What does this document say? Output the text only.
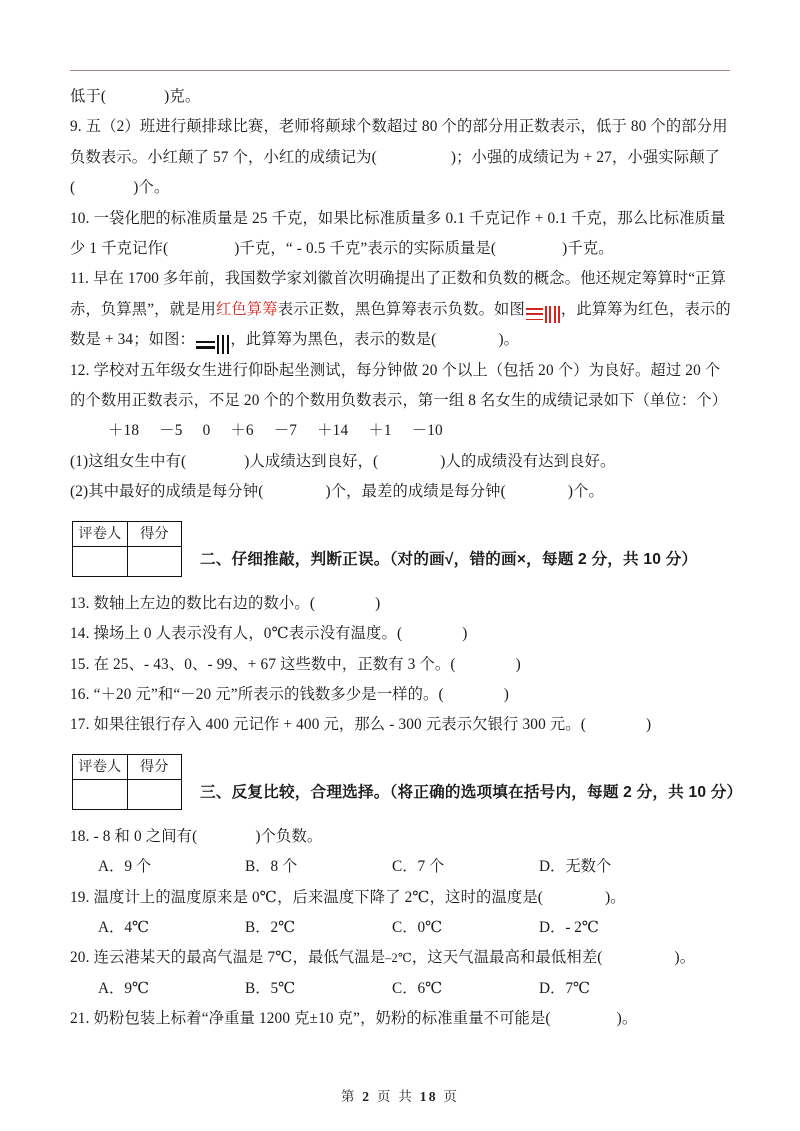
低于(	)克。
9. 五（2）班进行颠排球比赛，老师将颠球个数超过 80 个的部分用正数表示，低于 80 个的部分用
负数表示。小红颠了 57 个，小红的成绩记为(	)；小强的成绩记为 + 27，小强实际颠了
(	)个。
10. 一袋化肥的标准质量是 25 千克，如果比标准质量多 0.1 千克记作 + 0.1 千克，那么比标准质量
少 1 千克记作(	)千克，“ - 0.5 千克”表示的实际质量是(	)千克。
11. 早在 1700 多年前，我国数学家刘徽首次明确提出了正数和负数的概念。他还规定筹算时“正算
赤，负算黑”，就是用红色算筹表示正数，黑色算筹表示负数。如图 ，此算筹为红色，表示的
数是 + 34；如图： ，此算筹为黑色，表示的数是(	)。
12. 学校对五年级女生进行仰卧起坐测试，每分钟做 20 个以上（包括 20 个）为良好。超过 20 个
的个数用正数表示，不足 20 个的个数用负数表示，第一组 8 名女生的成绩记录如下（单位：个）
＋18 －5 0 ＋6 －7 ＋14 ＋1 －10
(1)这组女生中有(	)人成绩达到良好，(	)人的成绩没有达到良好。
(2)其中最好的成绩是每分钟(	)个，最差的成绩是每分钟(	)个。
评卷人	得分

二、仔细推敲，判断正误。（对的画√，错的画×，每题 2 分，共 10 分）
13. 数轴上左边的数比右边的数小。(	)
14. 操场上 0 人表示没有人，0℃表示没有温度。(	)
15. 在 25、- 43、0、- 99、+ 67 这些数中，正数有 3 个。(	)
16. “＋20 元”和“－20 元”所表示的钱数多少是一样的。(	)
17. 如果往银行存入 400 元记作 + 400 元，那么 - 300 元表示欠银行 300 元。(	)
评卷人	得分

三、反复比较，合理选择。（将正确的选项填在括号内，每题 2 分，共 10 分）
18. - 8 和 0 之间有(	)个负数。
A．9 个	B．8 个	C．7 个	D．无数个
19. 温度计上的温度原来是 0℃，后来温度下降了 2℃，这时的温度是(	)。
A．4℃	B．2℃	C．0℃	D．- 2℃
20. 连云港某天的最高气温是 7℃，最低气温是–2℃，这天气温最高和最低相差(	)。
A．9℃	B．5℃	C．6℃	D．7℃
21. 奶粉包装上标着“净重量 1200 克±10 克”，奶粉的标准重量不可能是(	)。
第 2 页 共 18 页
